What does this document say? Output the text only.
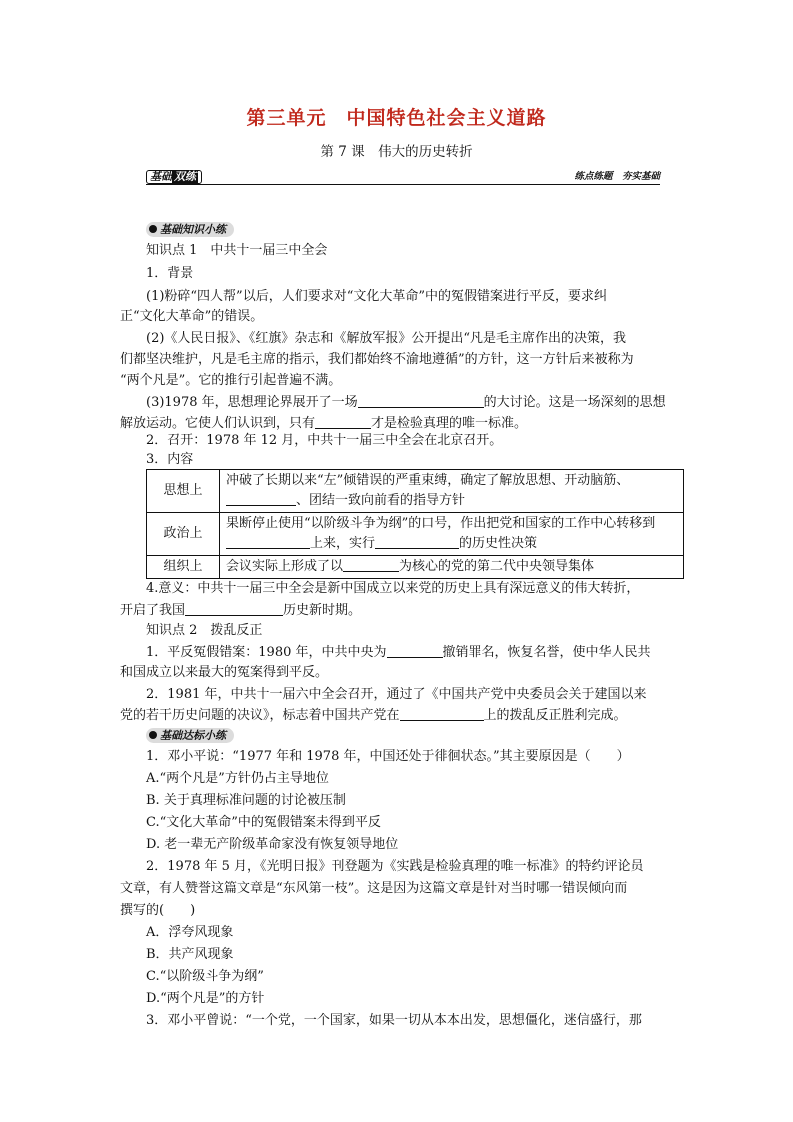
第三单元　中国特色社会主义道路
第 7 课　伟大的历史转折
基础 双练	练点练题　夯实基础
基础知识小练
知识点 1　中共十一届三中全会
1．背景
(1)粉碎“四人帮”以后，人们要求对“文化大革命”中的冤假错案进行平反，要求纠
正“文化大革命”的错误。
(2)《人民日报》、《红旗》杂志和《解放军报》公开提出“凡是毛主席作出的决策，我
们都坚决维护，凡是毛主席的指示，我们都始终不渝地遵循”的方针，这一方针后来被称为
“两个凡是”。它的推行引起普遍不满。
(3)1978 年，思想理论界展开了一场	的大讨论。这是一场深刻的思想
解放运动。它使人们认识到，只有	才是检验真理的唯一标准。
2．召开：1978 年 12 月，中共十一届三中全会在北京召开。
3．内容
思想上	冲破了长期以来“左”倾错误的严重束缚，确定了解放思想、开动脑筋、
、团结一致向前看的指导方针

政治上	果断停止使用“以阶级斗争为纲”的口号，作出把党和国家的工作中心转移到
上来，实行 的历史性决策

组织上	会议实际上形成了以 为核心的党的第二代中央领导集体
4.意义：中共十一届三中全会是新中国成立以来党的历史上具有深远意义的伟大转折，
开启了我国	历史新时期。
知识点 2　拨乱反正
1．平反冤假错案：1980 年，中共中央为	撤销罪名，恢复名誉，使中华人民共
和国成立以来最大的冤案得到平反。
2．1981 年，中共十一届六中全会召开，通过了《中国共产党中央委员会关于建国以来
党的若干历史问题的决议》，标志着中国共产党在	上的拨乱反正胜利完成。
基础达标小练
1．邓小平说：“1977 年和 1978 年，中国还处于徘徊状态。”其主要原因是（　　）
A.“两个凡是”方针仍占主导地位
B. 关于真理标准问题的讨论被压制
C.“文化大革命”中的冤假错案未得到平反
D. 老一辈无产阶级革命家没有恢复领导地位
2．1978 年 5 月，《光明日报》刊登题为《实践是检验真理的唯一标准》的特约评论员
文章，有人赞誉这篇文章是“东风第一枝”。这是因为这篇文章是针对当时哪一错误倾向而
撰写的(　　)
A．浮夸风现象
B．共产风现象
C.“以阶级斗争为纲”
D.“两个凡是”的方针
3．邓小平曾说：“一个党，一个国家，如果一切从本本出发，思想僵化，迷信盛行，那
